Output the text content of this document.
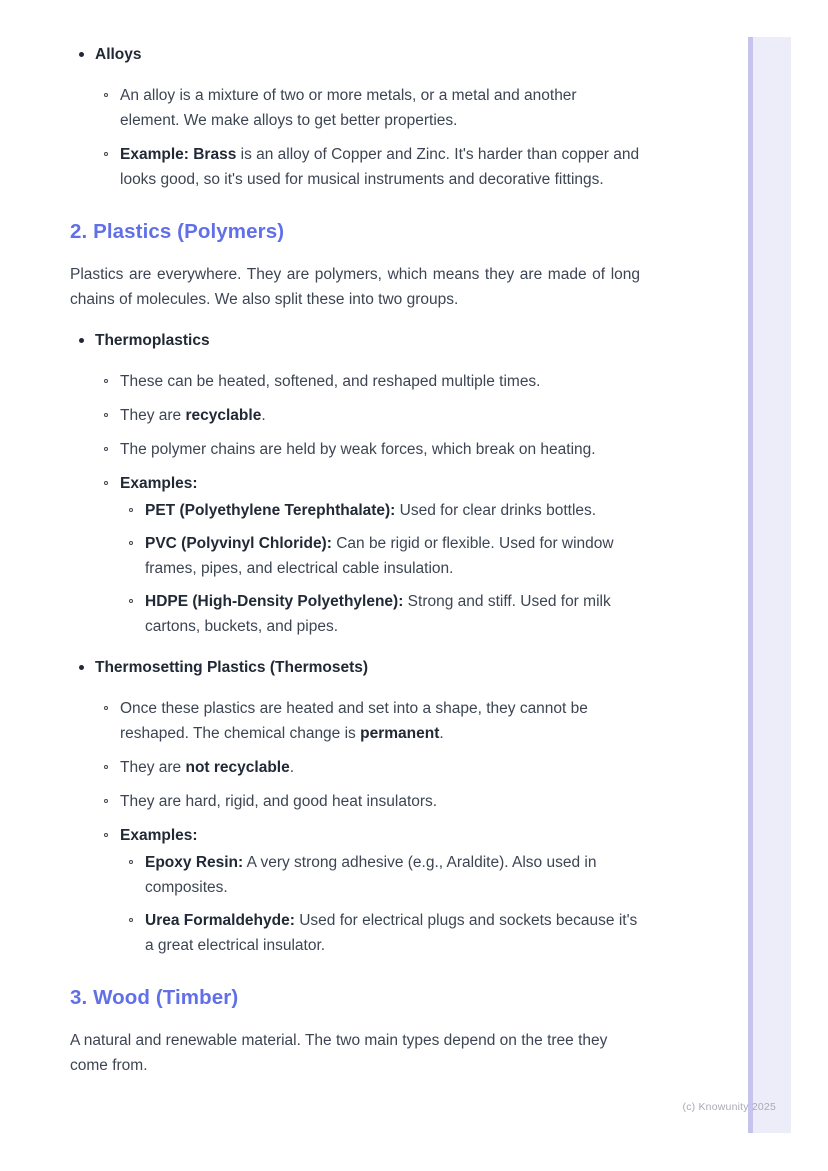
Alloys
An alloy is a mixture of two or more metals, or a metal and another element. We make alloys to get better properties.
Example: Brass is an alloy of Copper and Zinc. It's harder than copper and looks good, so it's used for musical instruments and decorative fittings.
2. Plastics (Polymers)

Plastics are everywhere. They are polymers, which means they are made of long chains of molecules. We also split these into two groups.

Thermoplastics
These can be heated, softened, and reshaped multiple times.
They are recyclable.
The polymer chains are held by weak forces, which break on heating.
Examples:
PET (Polyethylene Terephthalate): Used for clear drinks bottles.
PVC (Polyvinyl Chloride): Can be rigid or flexible. Used for window frames, pipes, and electrical cable insulation.
HDPE (High-Density Polyethylene): Strong and stiff. Used for milk cartons, buckets, and pipes.
Thermosetting Plastics (Thermosets)
Once these plastics are heated and set into a shape, they cannot be reshaped. The chemical change is permanent.
They are not recyclable.
They are hard, rigid, and good heat insulators.
Examples:
Epoxy Resin: A very strong adhesive (e.g., Araldite). Also used in composites.
Urea Formaldehyde: Used for electrical plugs and sockets because it's a great electrical insulator.
3. Wood (Timber)

A natural and renewable material. The two main types depend on the tree they come from.

(c) Knowunity 2025
